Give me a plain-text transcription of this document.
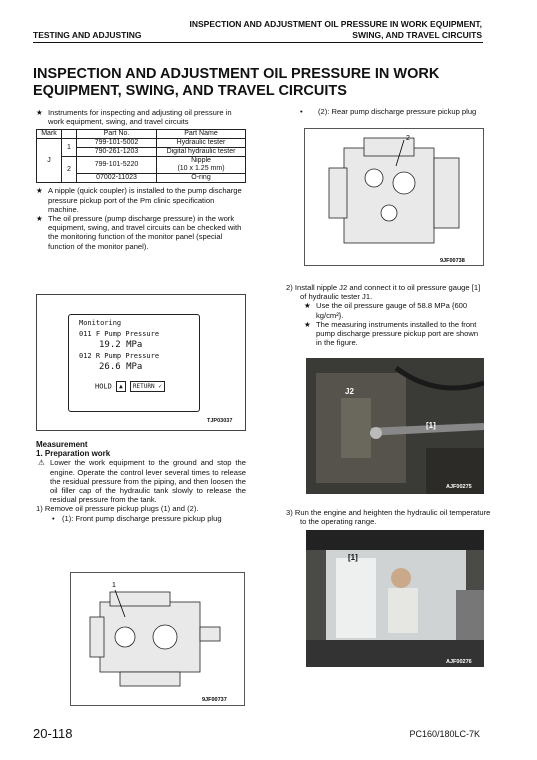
TESTING AND ADJUSTING
INSPECTION AND ADJUSTMENT OIL PRESSURE IN WORK EQUIPMENT,
SWING, AND TRAVEL CIRCUITS
INSPECTION AND ADJUSTMENT OIL PRESSURE IN WORK
EQUIPMENT, SWING, AND TRAVEL CIRCUITS
★ Instruments for inspecting and adjusting oil pressure in work equipment, swing, and travel circuits
Mark		Part No.	Part Name
J	1	799-101-5002	Hydraulic tester
		790-261-1203	Digital hydraulic tester
	2	799-101-5220	Nipple
(10 x 1.25 mm)

		07002-11023	O-ring
★ A nipple (quick coupler) is installed to the pump discharge pressure pickup port of the Pm clinic specification machine.
★ The oil pressure (pump discharge pressure) in the work equipment, swing, and travel circuits can be checked with the monitoring function of the monitor panel (special function of the monitor panel).
Monitoring
011 F Pump Pressure
19.2 MPa
012 R Pump Pressure
26.6 MPa
HOLD ▲ RETURN ✓
TJP03037
Measurement
1. Preparation work
⚠ Lower the work equipment to the ground and stop the engine. Operate the control lever several times to release the residual pressure from the piping, and then loosen the oil filler cap of the hydraulic tank slowly to release the residual pressure from the tank.
1) Remove oil pressure pickup plugs (1) and (2).
• (1): Front pump discharge pressure pickup plug
1
9JF00737
•	(2): Rear pump discharge pressure pickup plug
2
9JF00738
2) Install nipple J2 and connect it to oil pressure gauge [1] of hydraulic tester J1.
★ Use the oil pressure gauge of 58.8 MPa {600 kg/cm²}.
★ The measuring instruments installed to the front pump discharge pressure pickup port are shown in the figure.
J2
[1]
AJF00275
3) Run the engine and heighten the hydraulic oil temperature to the operating range.
[1]
AJF00276
20-118	PC160/180LC-7K
